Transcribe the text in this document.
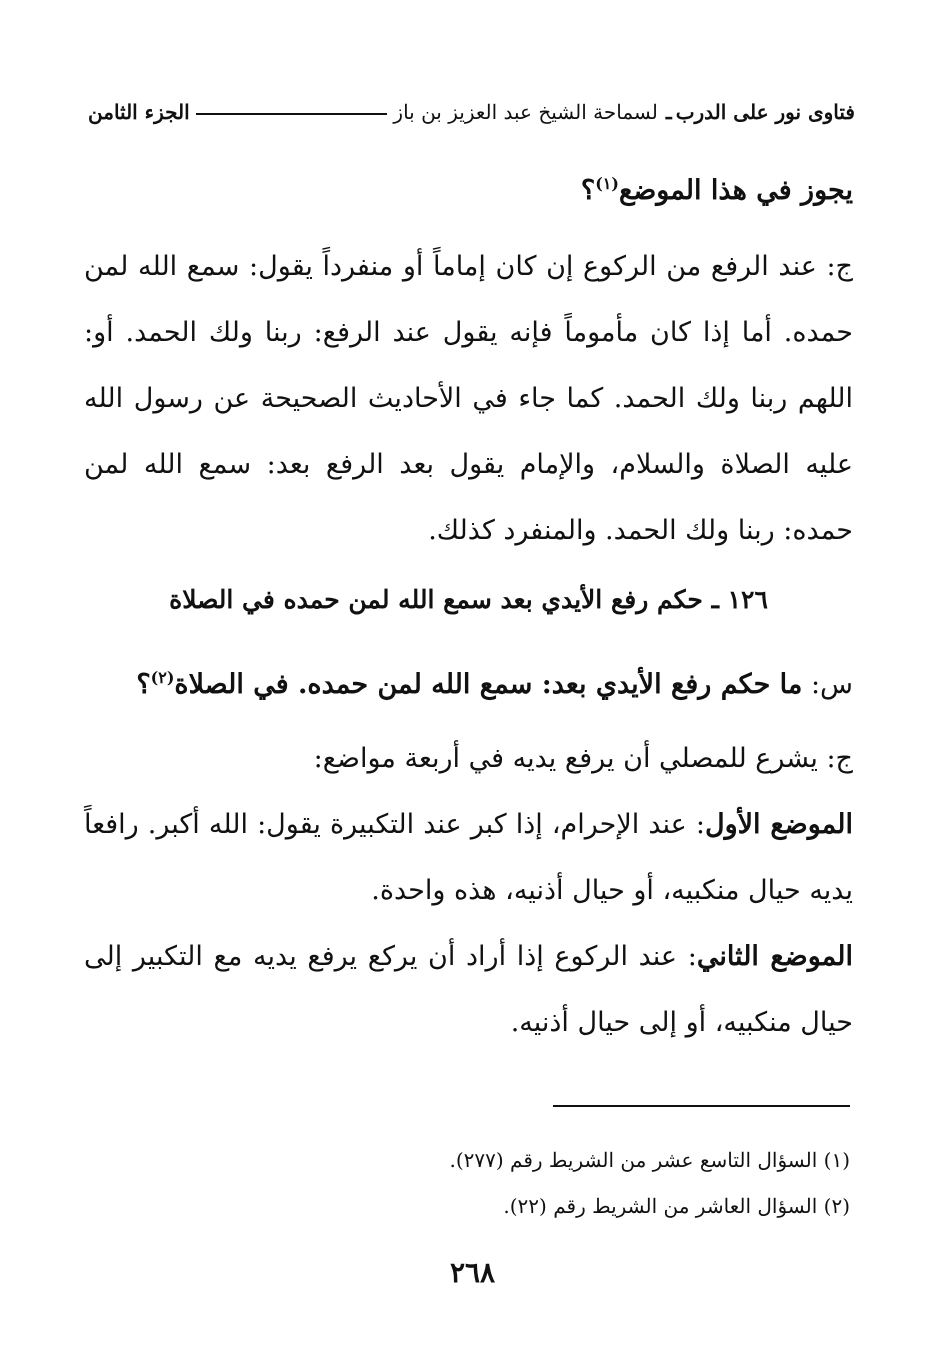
فتاوى نور على الدرب
ـ
لسماحة الشيخ عبد العزيز بن باز
الجزء الثامن
يجوز في هذا الموضع$^{(١)}$؟
ج: عند الرفع من الركوع إن كان إماماً أو منفرداً يقول: سمع الله لمن حمده. أما إذا كان مأموماً فإنه يقول عند الرفع: ربنا ولك الحمد. أو: اللهم ربنا ولك الحمد. كما جاء في الأحاديث الصحيحة عن رسول الله عليه الصلاة والسلام، والإمام يقول بعد الرفع بعد: سمع الله لمن حمده: ربنا ولك الحمد. والمنفرد كذلك.
١٢٦ ـ حكم رفع الأيدي بعد سمع الله لمن حمده في الصلاة
س: ما حكم رفع الأيدي بعد: سمع الله لمن حمده. في الصلاة$^{(٢)}$؟
ج: يشرع للمصلي أن يرفع يديه في أربعة مواضع:
الموضع الأول: عند الإحرام، إذا كبر عند التكبيرة يقول: الله أكبر. رافعاً يديه حيال منكبيه، أو حيال أذنيه، هذه واحدة.
الموضع الثاني: عند الركوع إذا أراد أن يركع يرفع يديه مع التكبير إلى حيال منكبيه، أو إلى حيال أذنيه.
(١) السؤال التاسع عشر من الشريط رقم (٢٧٧).
(٢) السؤال العاشر من الشريط رقم (٢٢).
٢٦٨
